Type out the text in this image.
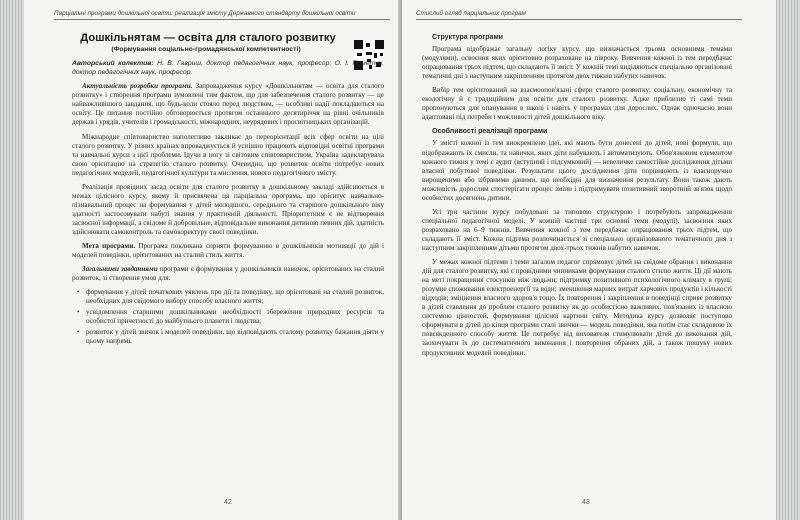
Парціальні програми дошкільної освіти: реалізація змісту Державного стандарту дошкільної освіти
Дошкільнятам — освіта для сталого розвитку
(Формування соціально-громадянської компетентності)

Авторський колектив: Н. В. Гавриш, доктор педагогічних наук, професор; О. І. Пометун, доктор педагогічних наук, професор.

Актуальність розробки програми. Запровадження курсу «Дошкільнятам — освіта для сталого розвитку» і створення програми зумовлені тим фактом, що для забезпечення сталого розвитку — це найважливішого завдання, що будь-коли стояло перед людством, — особливі надії покладаються на освіту. Це питання постійно обговорюється протягом останнього десятиріччя на рівні очільників держав і урядів, учителів і громадськості, міжнародних, неурядових і просвітницьких організацій.

Міжнародне співтовариство наполегливо закликає до переорієнтації всіх сфер освіти на цілі сталого розвитку. У різних країнах впроваджується й успішно працюють відповідні освітні програми та навчальні курси з цієї проблеми. Ідучи в ногу зі світовим співтовариством, Україна задекларувала свою орієнтацію на стратегію сталого розвитку. Очевидно, що розвиток освіти потребує нових педагогічних моделей, педагогічної культури та мислення, нового педагогічного змісту.

Реалізація провідних засад освіти для сталого розвитку в дошкільному закладі здійснюється в межах цілісного курсу, якому й присвячена ця парціальна програма, що орієнтує навчально-пізнавальний процес на формування у дітей молодшого, середнього та старшого дошкільного віку здатності застосовувати набуті знання у практичній діяльності. Пріоритетним є не відтворення засвоєної інформації, а свідоме й добровільне, відповідальне виконання дитиною певних дій, здатність здійснювати самоконтроль та самокоректуру своєї поведінки.

Мета програми. Програма покликана сприяти формуванню в дошкільників мотивації до дій і моделей поведінки, орієнтованих на сталий стиль життя.

Загальними завданнями програми є формування у дошкільників навичок, орієнтованих на сталий розвиток, зі створення умов для:

• формування у дітей початкових уявлень про дії та поведінку, що орієнтовані на сталий розвиток, необхідних для свідомого вибору способу власного життя;
• усвідомлення старшими дошкільниками необхідності збереження природних ресурсів та особистої причетності до майбутнього планети і людства;
• розвиток у дітей звичок і моделей поведінки, що відповідають сталому розвитку бажання діяти у цьому напрямі.
42
Стислий огляд парціальних програм
Структура програми

Програма відображає загальну логіку курсу, що визначається трьома основними темами (модулями), освоєння яких орієнтовно розраховане на півроку. Вивчення кожної із тем передбачає опрацювання трьох підтем, що складають її зміст. У кожній темі виділяються спеціально організовані тематичні дні з наступним закріпленням протягом двох тижнів набутих навичок.

Вибір тем орієнтований на взаємоопов'язані сфери сталого розвитку: соціальну, економічну та екологічну й є традиційним для освіти для сталого розвитку. Адже приблизно ті самі теми пропонуються для опанування в школі і навіть у програмах для дорослих. Однак одночасно вони адаптовані під потреби і можливості дітей дошкільного віку.

Особливості реалізації програми

У змісті кожної із тем виокремлено ідеї, які мають бути донесені до дітей, нові формули, що відображають їх смисли, та навички, яких діти набувають і автоматизують. Обов'язковим елементом кожного тижня у темі є аудит (вступний і підсумковий) — невеличке самостійне дослідження дітьми власної побутової поведінки. Результати цього дослідження діти порівнюють із власноручно вирощеними або зібраними даними, що необхідні для визначення результату. Вони також дають можливість дорослим спостерігати процес зміни і підтримувати позитивний зворотний зв'язок щодо особистих досягнень дитини.

Усі три частини курсу побудовані за типовою структурою і потребують запровадження спеціальної педагогічної моделі. У кожній частині три основні теми (модулі), засвоєння яких розраховано на 6–9 тижнів. Вивчення кожної з тем передбачає опрацювання трьох підтем, що складають її зміст. Кожна підтема розпочинається зі спеціально організованого тематичного дня з наступним закріпленням дітьми протягом двох-трьох тижнів набутих навичок.

У межах кожної підтеми і теми загалом педагог спрямовує дітей на свідоме обрання і виконання дій для сталого розвитку, які є провідними чинниками формування сталого стилю життя. Ці дії мають на меті покращення стосунків між людьми; підтримку позитивного психологічного клімату в групі; розумне споживання електроенергії та води; зменшення марних витрат харчових продуктів і кількості відходів; зміцнення власного здоров'я тощо. Їх повторення і закріплення в поведінці сприяє розвитку в дітей ставлення до проблем сталого розвитку як до особистісно важливих, пов'язаних із власною системою цінностей, формування цілісної картини світу. Методика курсу дозволяє поступово сформувати в дітей до кінця програми сталі звички — модель поведінки, яка потім стає складовою їх повсякденного способу життя. Це потребує від вихователя стимулювати дітей до виконання дій, заохочувати їх до систематичного виконання і повторення обраних дій, а також пошуку нових продуктивних моделей поведінки.

43
